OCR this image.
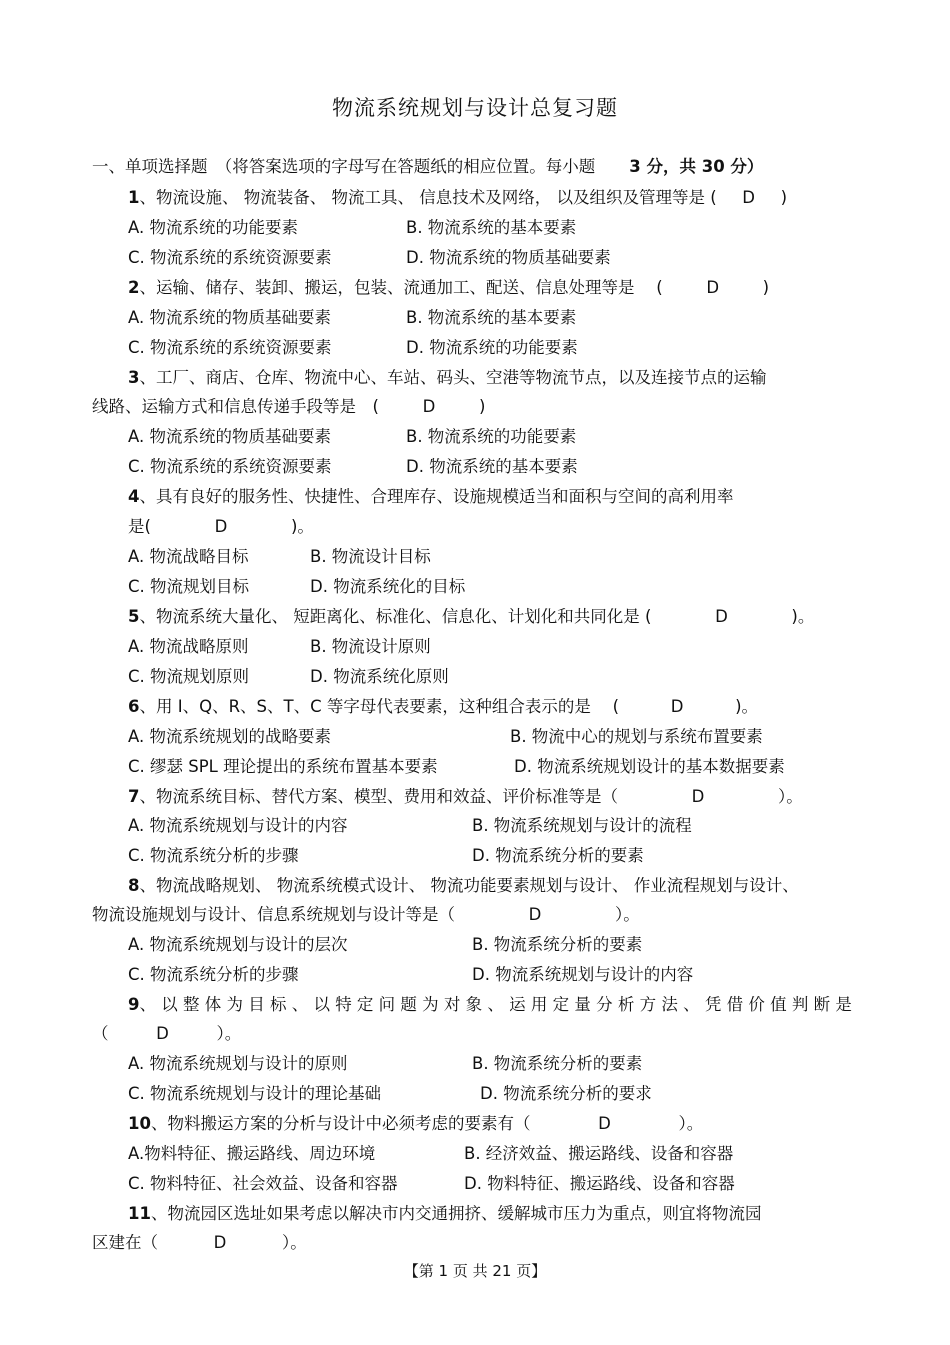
物流系统规划与设计总复习题
一、单项选择题　（将答案选项的字母写在答题纸的相应位置。每小题 3 分，共 30 分）
1、物流设施、 物流装备、 物流工具、 信息技术及网络， 以及组织及管理等是 ( D )
A. 物流系统的功能要素	B. 物流系统的基本要素
C. 物流系统的系统资源要素	D. 物流系统的物质基础要素
2、运输、储存、装卸、搬运，包装、流通加工、配送、信息处理等是　 (	D	)
A. 物流系统的物质基础要素	B. 物流系统的基本要素
C. 物流系统的系统资源要素	D. 物流系统的功能要素
3、工厂、商店、仓库、物流中心、车站、码头、空港等物流节点，以及连接节点的运输
线路、运输方式和信息传递手段等是　(	D	)
A. 物流系统的物质基础要素	B. 物流系统的功能要素
C. 物流系统的系统资源要素	D. 物流系统的基本要素
4、具有良好的服务性、快捷性、合理库存、设施规模适当和面积与空间的高利用率
是(	D	)。
A. 物流战略目标	B. 物流设计目标
C. 物流规划目标	D. 物流系统化的目标
5、物流系统大量化、 短距离化、标准化、信息化、计划化和共同化是 (	D	)。
A. 物流战略原则	B. 物流设计原则
C. 物流规划原则	D. 物流系统化原则
6、用 I、Q、R、S、T、C 等字母代表要素，这种组合表示的是　 (	D	)。
A. 物流系统规划的战略要素	B. 物流中心的规划与系统布置要素
C. 缪瑟 SPL 理论提出的系统布置基本要素	D. 物流系统规划设计的基本数据要素
7、物流系统目标、替代方案、模型、费用和效益、评价标准等是（	D	）。
A. 物流系统规划与设计的内容	B. 物流系统规划与设计的流程
C. 物流系统分析的步骤	D. 物流系统分析的要素
8、物流战略规划、 物流系统模式设计、 物流功能要素规划与设计、 作业流程规划与设计、
物流设施规划与设计、信息系统规划与设计等是（	D	）。
A. 物流系统规划与设计的层次	B. 物流系统分析的要素
C. 物流系统分析的步骤	D. 物流系统规划与设计的内容
9、 以 整 体 为 目 标 、 以 特 定 问 题 为 对 象 、 运 用 定 量 分 析 方 法 、 凭 借 价 值 判 断 是
（	D	）。
A. 物流系统规划与设计的原则	B. 物流系统分析的要素
C. 物流系统规划与设计的理论基础	D. 物流系统分析的要求
10、物料搬运方案的分析与设计中必须考虑的要素有（	D	）。
A.物料特征、搬运路线、周边环境	B. 经济效益、搬运路线、设备和容器
C. 物料特征、社会效益、设备和容器	D. 物料特征、搬运路线、设备和容器
11、物流园区选址如果考虑以解决市内交通拥挤、缓解城市压力为重点，则宜将物流园
区建在（	D	）。
【第 1 页 共 21 页】
